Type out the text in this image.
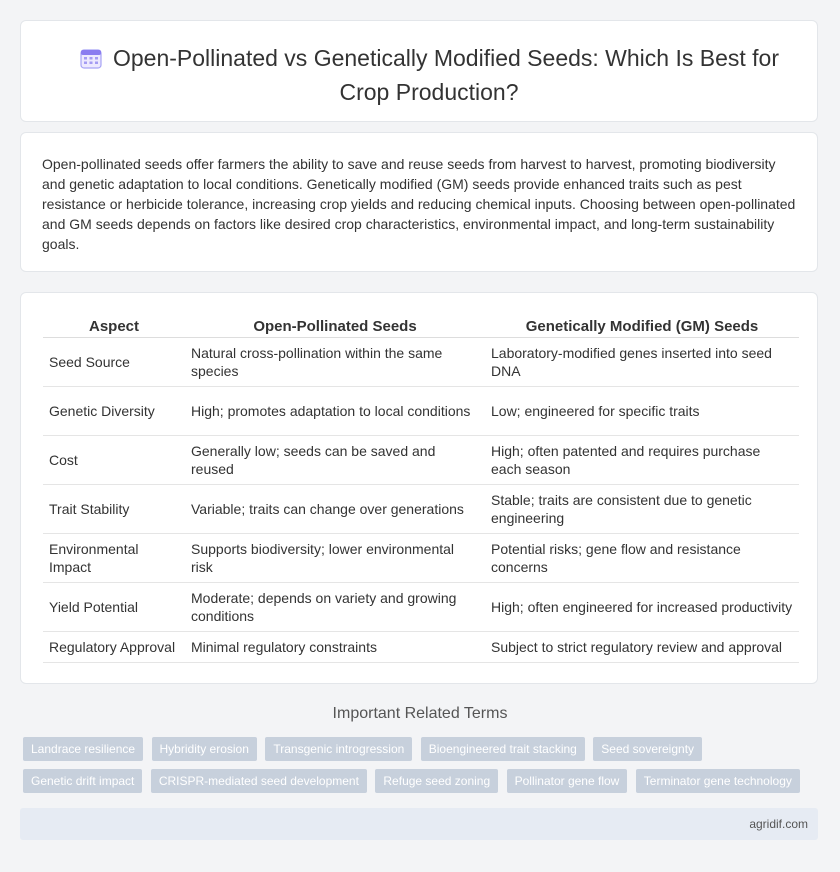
Open-Pollinated vs Genetically Modified Seeds: Which Is Best for Crop Production?
Open-pollinated seeds offer farmers the ability to save and reuse seeds from harvest to harvest, promoting biodiversity and genetic adaptation to local conditions. Genetically modified (GM) seeds provide enhanced traits such as pest resistance or herbicide tolerance, increasing crop yields and reducing chemical inputs. Choosing between open-pollinated and GM seeds depends on factors like desired crop characteristics, environmental impact, and long-term sustainability goals.
Aspect	Open-Pollinated Seeds	Genetically Modified (GM) Seeds
Seed Source	Natural cross-pollination within the same species	Laboratory-modified genes inserted into seed DNA
Genetic Diversity	High; promotes adaptation to local conditions	Low; engineered for specific traits
Cost	Generally low; seeds can be saved and reused	High; often patented and requires purchase each season
Trait Stability	Variable; traits can change over generations	Stable; traits are consistent due to genetic engineering
Environmental Impact	Supports biodiversity; lower environmental risk	Potential risks; gene flow and resistance concerns
Yield Potential	Moderate; depends on variety and growing conditions	High; often engineered for increased productivity
Regulatory Approval	Minimal regulatory constraints	Subject to strict regulatory review and approval
Important Related Terms
Landrace resilience Hybridity erosion Transgenic introgression Bioengineered trait stacking Seed sovereignty
Genetic drift impact CRISPR-mediated seed development Refuge seed zoning Pollinator gene flow Terminator gene technology
agridif.com
